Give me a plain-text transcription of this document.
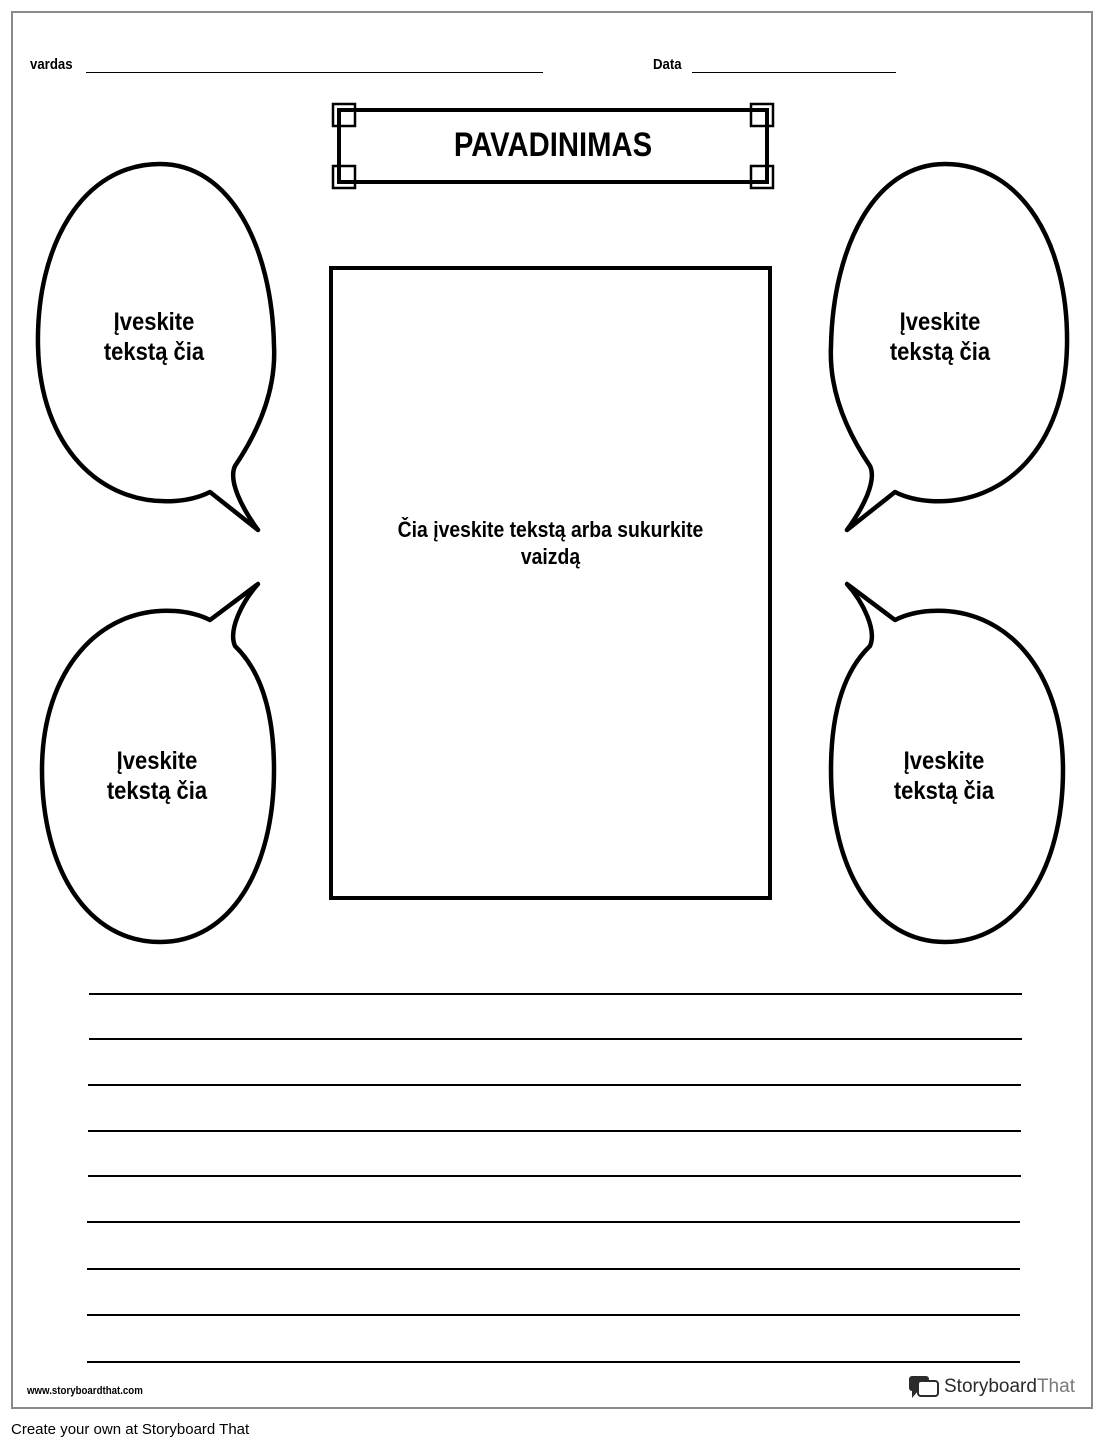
vardas	Data
PAVADINIMAS
Įveskite
tekstą čia
Įveskite
tekstą čia
Įveskite
tekstą čia
Įveskite
tekstą čia
Čia įveskite tekstą arba sukurkite vaizdą
www.storyboardthat.com	StoryboardThat
Create your own at Storyboard That
